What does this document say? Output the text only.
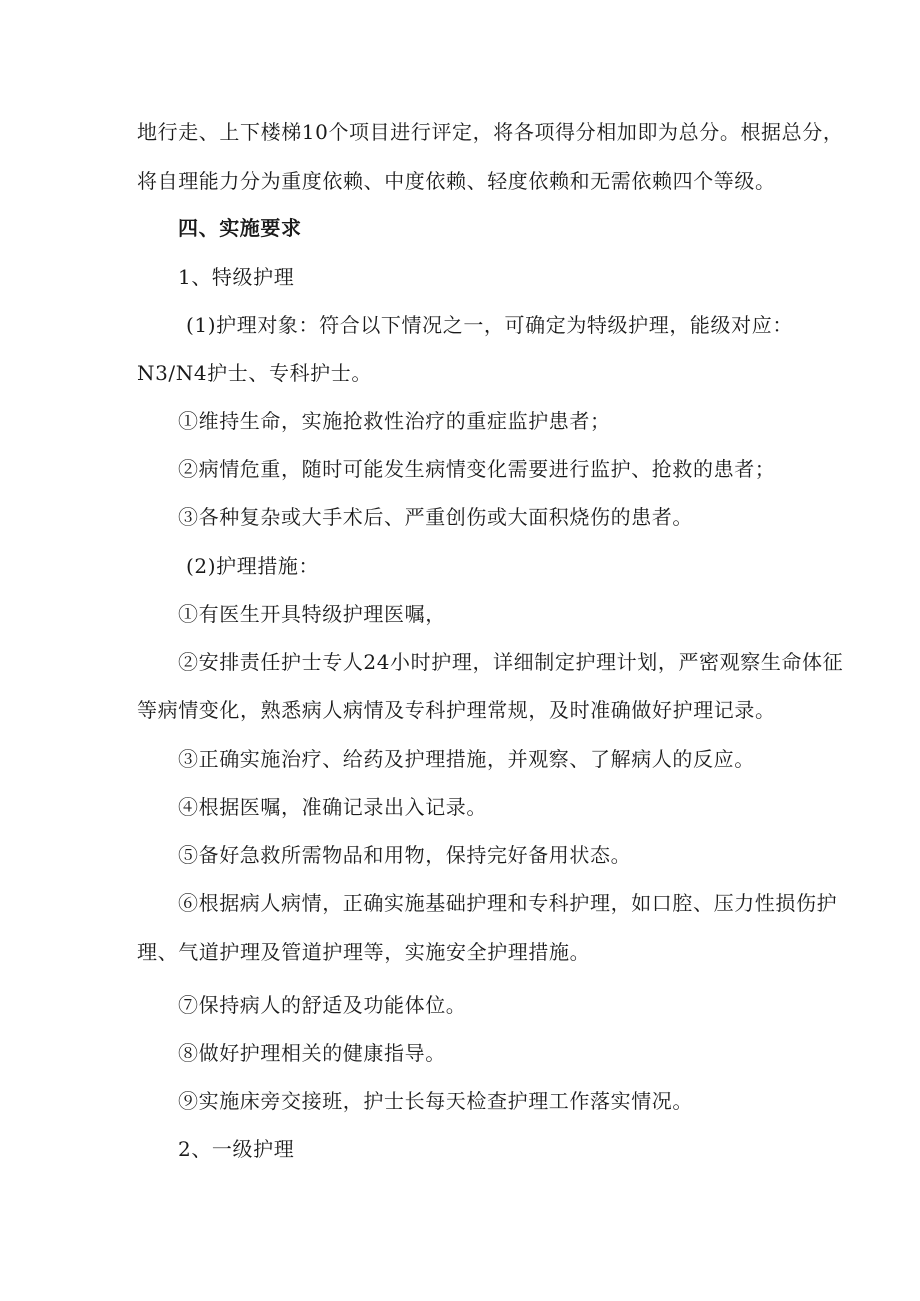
地行走、上下楼梯10个项目进行评定，将各项得分相加即为总分。根据总分，
将自理能力分为重度依赖、中度依赖、轻度依赖和无需依赖四个等级。
四、实施要求
1、特级护理
(1)护理对象：符合以下情况之一，可确定为特级护理，能级对应：
N3/N4护士、专科护士。
①维持生命，实施抢救性治疗的重症监护患者；
②病情危重，随时可能发生病情变化需要进行监护、抢救的患者；
③各种复杂或大手术后、严重创伤或大面积烧伤的患者。
(2)护理措施：
①有医生开具特级护理医嘱，
②安排责任护士专人24小时护理，详细制定护理计划，严密观察生命体征
等病情变化，熟悉病人病情及专科护理常规，及时准确做好护理记录。
③正确实施治疗、给药及护理措施，并观察、了解病人的反应。
④根据医嘱，准确记录出入记录。
⑤备好急救所需物品和用物，保持完好备用状态。
⑥根据病人病情，正确实施基础护理和专科护理，如口腔、压力性损伤护
理、气道护理及管道护理等，实施安全护理措施。
⑦保持病人的舒适及功能体位。
⑧做好护理相关的健康指导。
⑨实施床旁交接班，护士长每天检查护理工作落实情况。
2、一级护理
